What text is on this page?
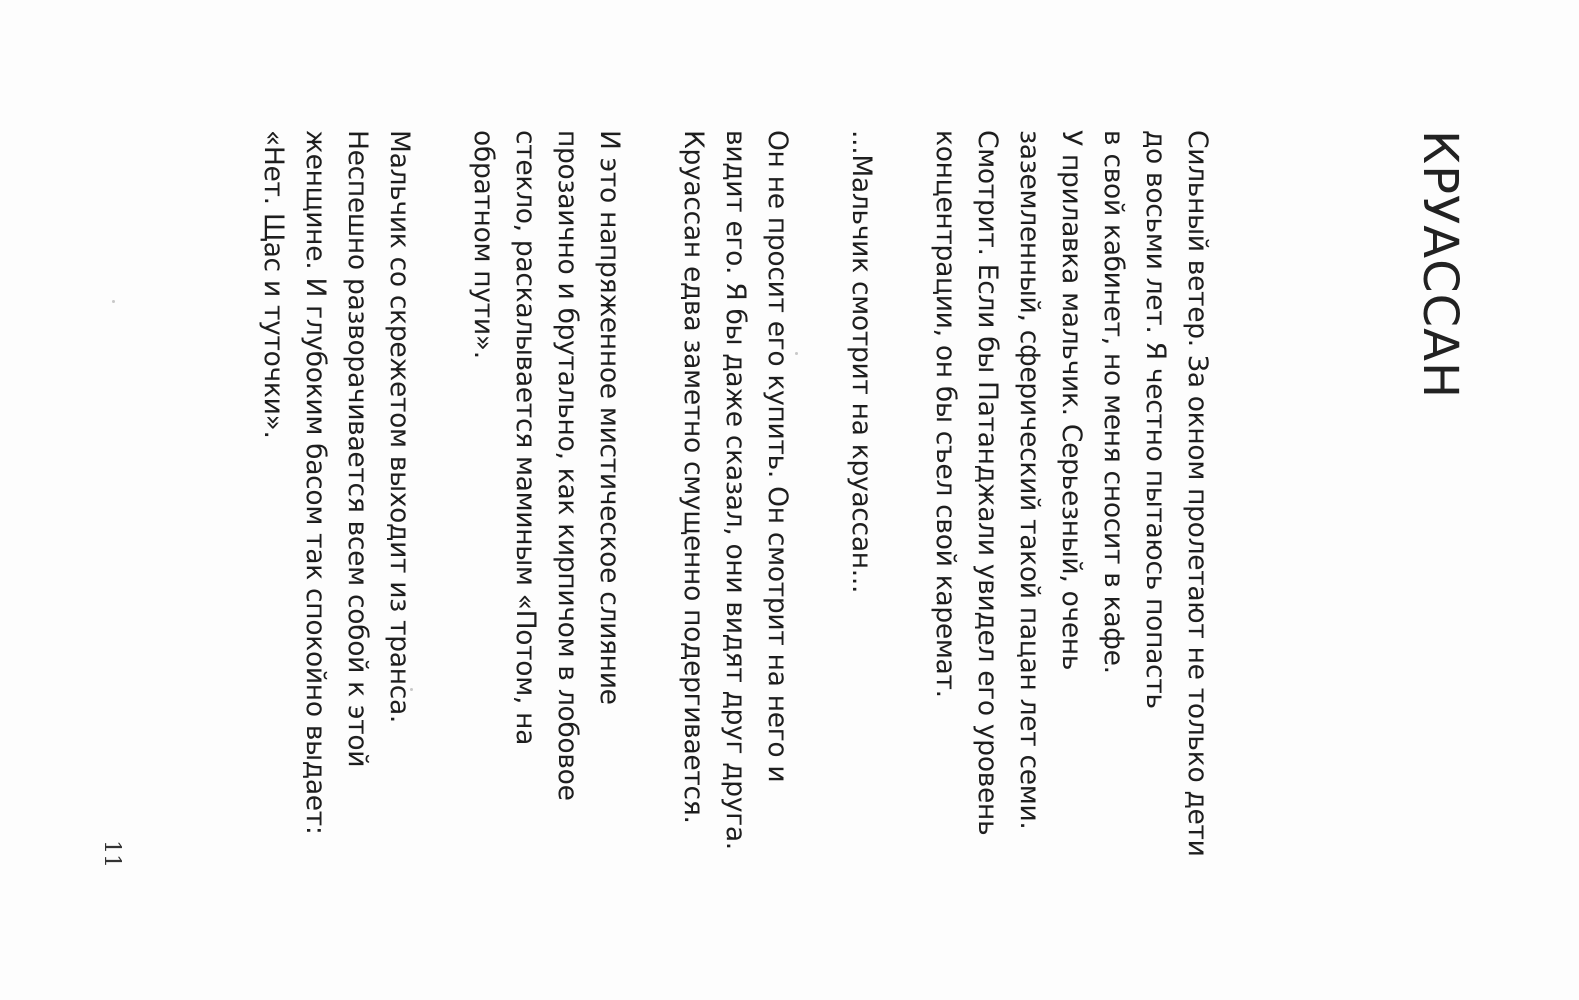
КРУАССАН

Сильный ветер. За окном пролетают не только дети
до восьми лет. Я честно пытаюсь попасть
в свой кабинет, но меня сносит в кафе.
У прилавка мальчик. Серьезный, очень
заземленный, сферический такой пацан лет семи.
Смотрит. Если бы Патанджали увидел его уровень
концентрации, он бы съел свой каремат.

...Мальчик смотрит на круассан...

Он не просит его купить. Он смотрит на него и
видит его. Я бы даже сказал, они видят друг друга.
Круассан едва заметно смущенно подергивается.

И это напряженное мистическое слияние
прозаично и брутально, как кирпичом в лобовое
стекло, раскалывается маминым «Потом, на
обратном пути».

Мальчик со скрежетом выходит из транса.
Неспешно разворачивается всем собой к этой
женщине. И глубоким басом так спокойно выдает:
«Нет. Щас и туточки».

11
